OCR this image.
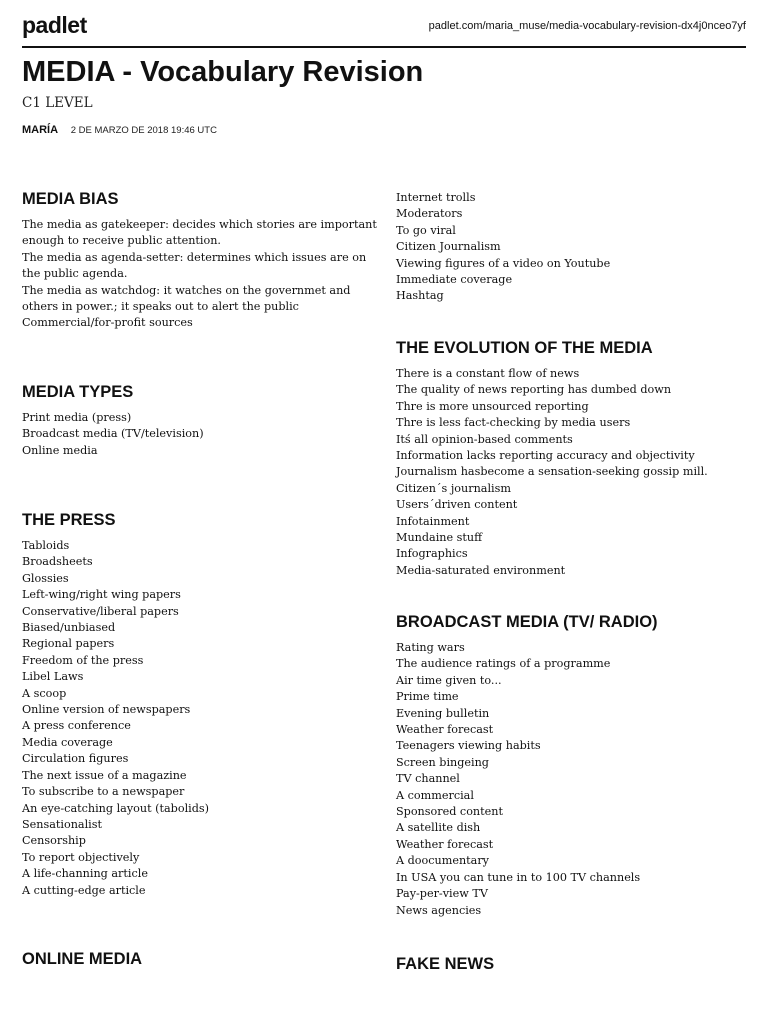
padlet	padlet.com/maria_muse/media-vocabulary-revision-dx4j0nceo7yf
MEDIA - Vocabulary Revision
C1 LEVEL
MARÍA 2 DE MARZO DE 2018 19:46 UTC
MEDIA BIAS
The media as gatekeeper: decides which stories are important enough to receive public attention.
The media as agenda-setter: determines which issues are on the public agenda.
The media as watchdog: it watches on the governmet and others in power.; it speaks out to alert the public
Commercial/for-profit sources
MEDIA TYPES
Print media (press)
Broadcast media (TV/television)
Online media
THE PRESS
Tabloids
Broadsheets
Glossies
Left-wing/right wing papers
Conservative/liberal papers
Biased/unbiased
Regional papers
Freedom of the press
Libel Laws
A scoop
Online version of newspapers
A press conference
Media coverage
Circulation figures
The next issue of a magazine
To subscribe to a newspaper
An eye-catching layout (tabolids)
Sensationalist
Censorship
To report objectively
A life-channing article
A cutting-edge article
ONLINE MEDIA
Internet trolls
Moderators
To go viral
Citizen Journalism
Viewing figures of a video on Youtube
Immediate coverage
Hashtag
THE EVOLUTION OF THE MEDIA
There is a constant flow of news
The quality of news reporting has dumbed down
Thre is more unsourced reporting
Thre is less fact-checking by media users
Itś all opinion-based comments
Information lacks reporting accuracy and objectivity
Journalism hasbecome a sensation-seeking gossip mill.
Citizen´s journalism
Users´driven content
Infotainment
Mundaine stuff
Infographics
Media-saturated environment
BROADCAST MEDIA (TV/ RADIO)
Rating wars
The audience ratings of a programme
Air time given to...
Prime time
Evening bulletin
Weather forecast
Teenagers viewing habits
Screen bingeing
TV channel
A commercial
Sponsored content
A satellite dish
Weather forecast
A doocumentary
In USA you can tune in to 100 TV channels
Pay-per-view TV
News agencies
FAKE NEWS
